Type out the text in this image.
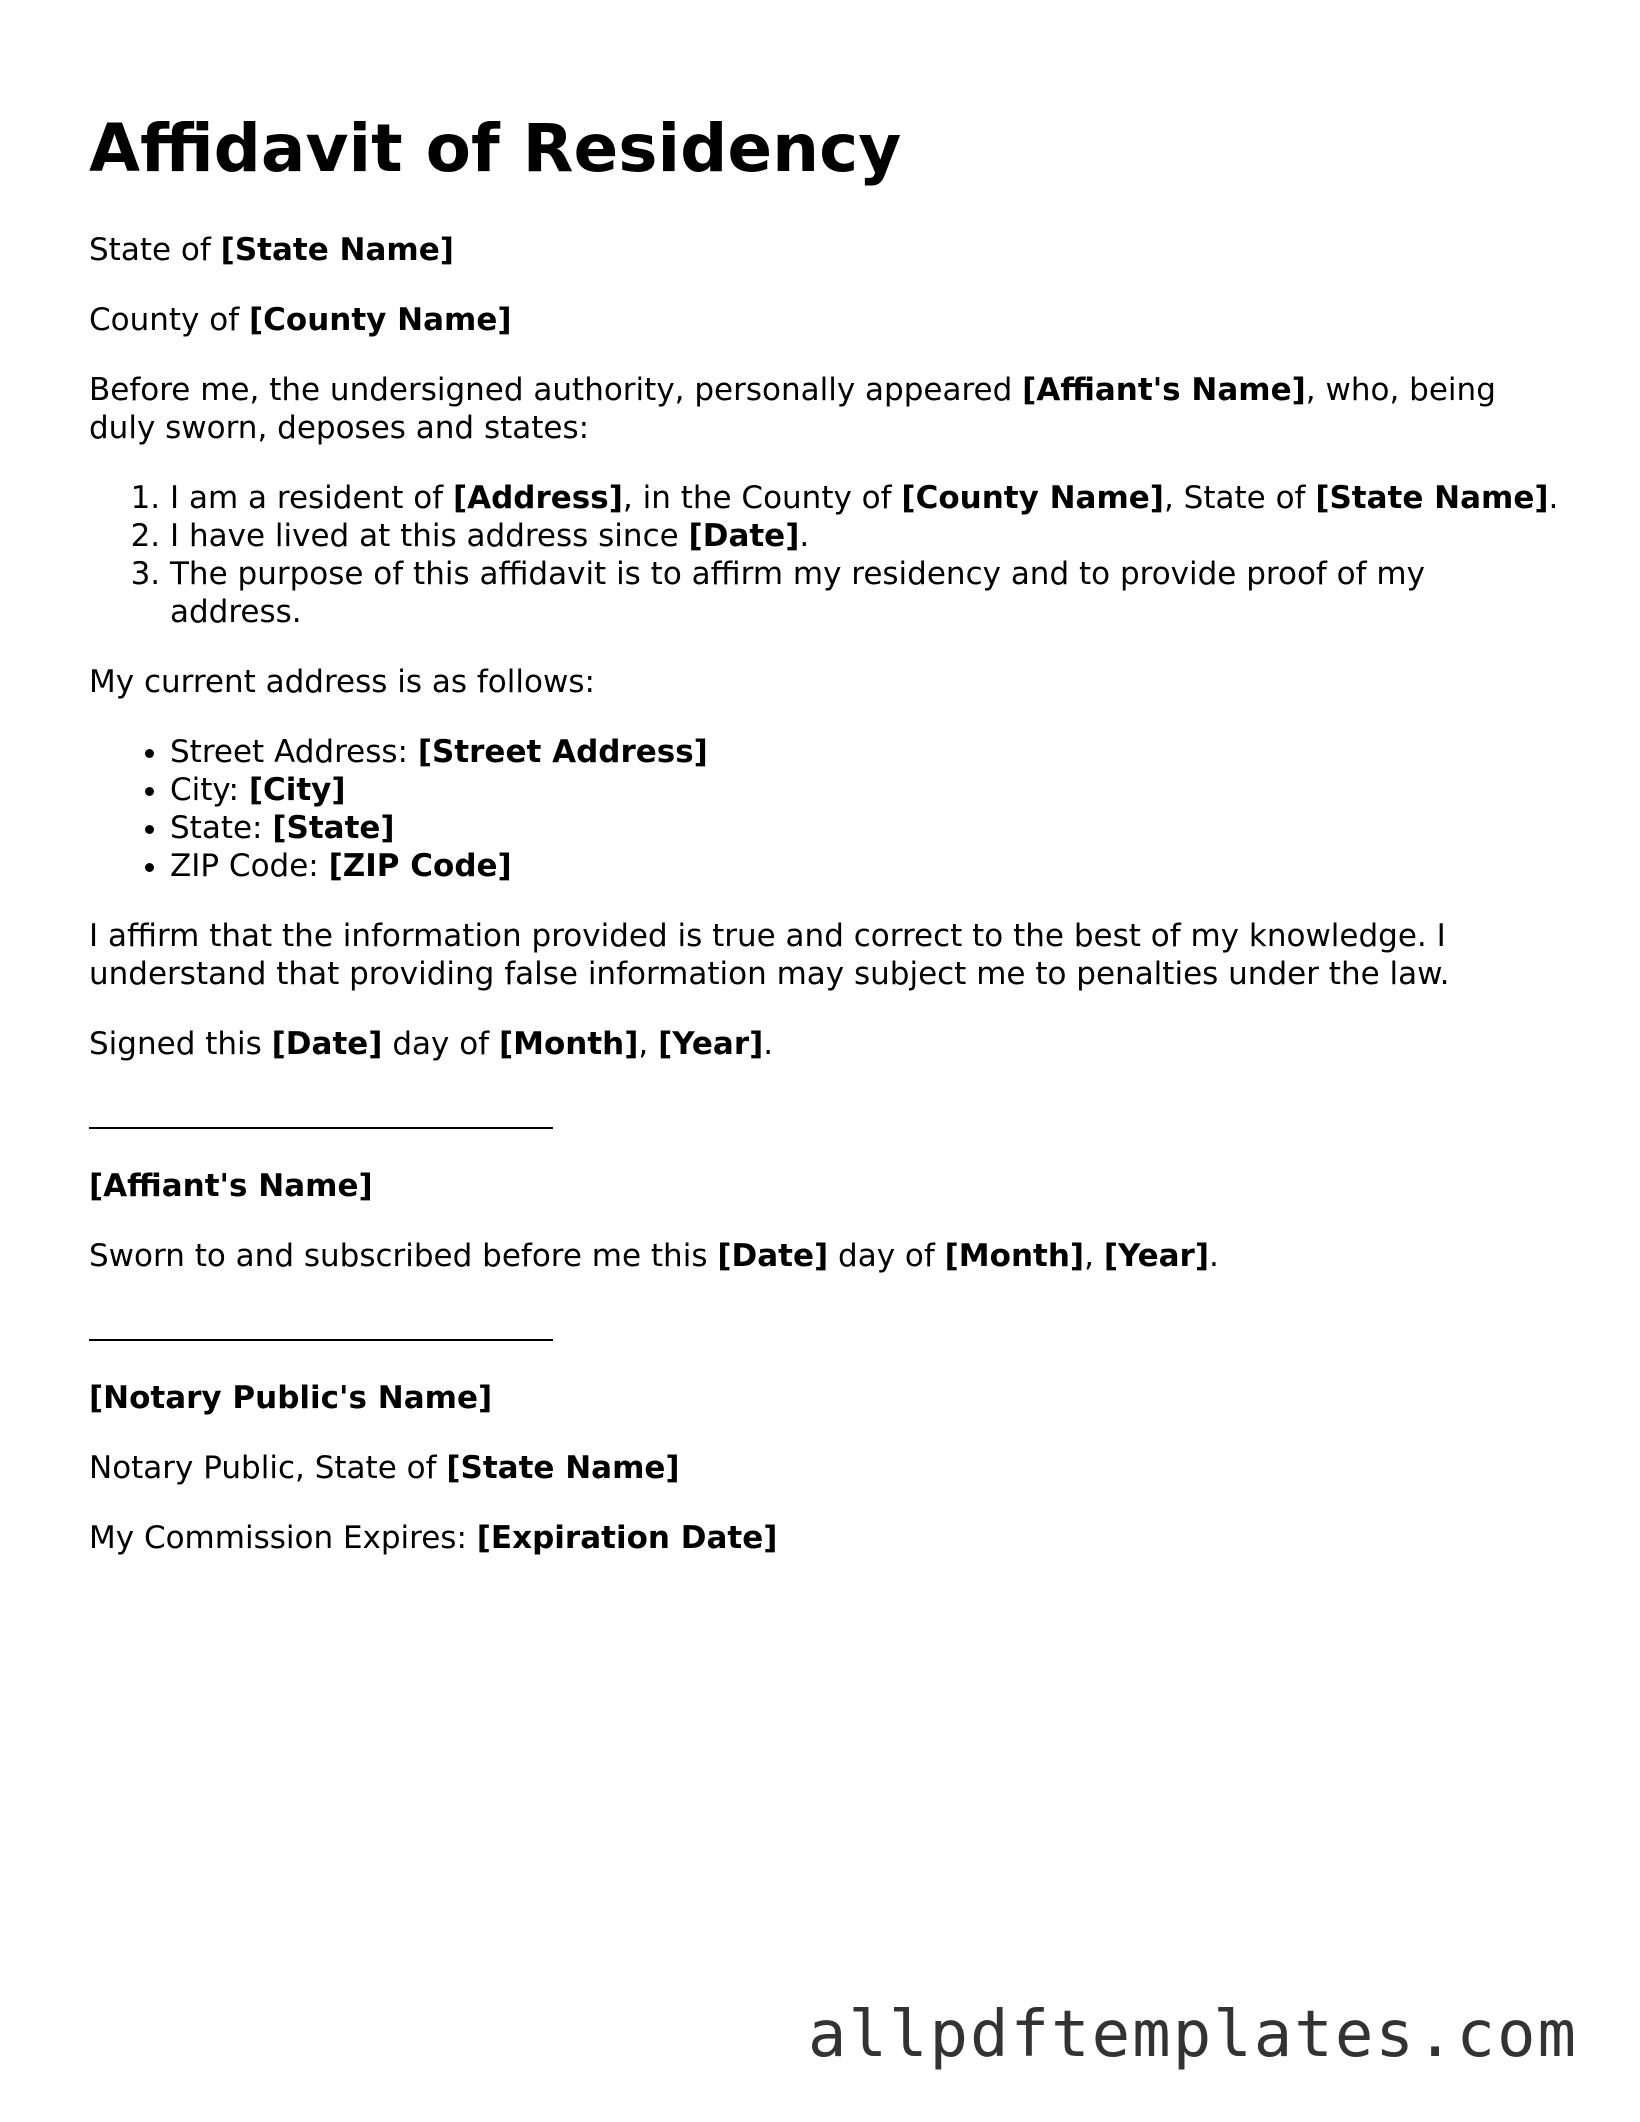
Affidavit of Residency

State of [State Name]

County of [County Name]

Before me, the undersigned authority, personally appeared [Affiant's Name], who, being duly sworn, deposes and states:

1. I am a resident of [Address], in the County of [County Name], State of [State Name].
2. I have lived at this address since [Date].
3. The purpose of this affidavit is to affirm my residency and to provide proof of my address.

My current address is as follows:

• Street Address: [Street Address]
• City: [City]
• State: [State]
• ZIP Code: [ZIP Code]

I affirm that the information provided is true and correct to the best of my knowledge. I understand that providing false information may subject me to penalties under the law.

Signed this [Date] day of [Month], [Year].

[Affiant's Name]

Sworn to and subscribed before me this [Date] day of [Month], [Year].

[Notary Public's Name]

Notary Public, State of [State Name]

My Commission Expires: [Expiration Date]

allpdftemplates.com
